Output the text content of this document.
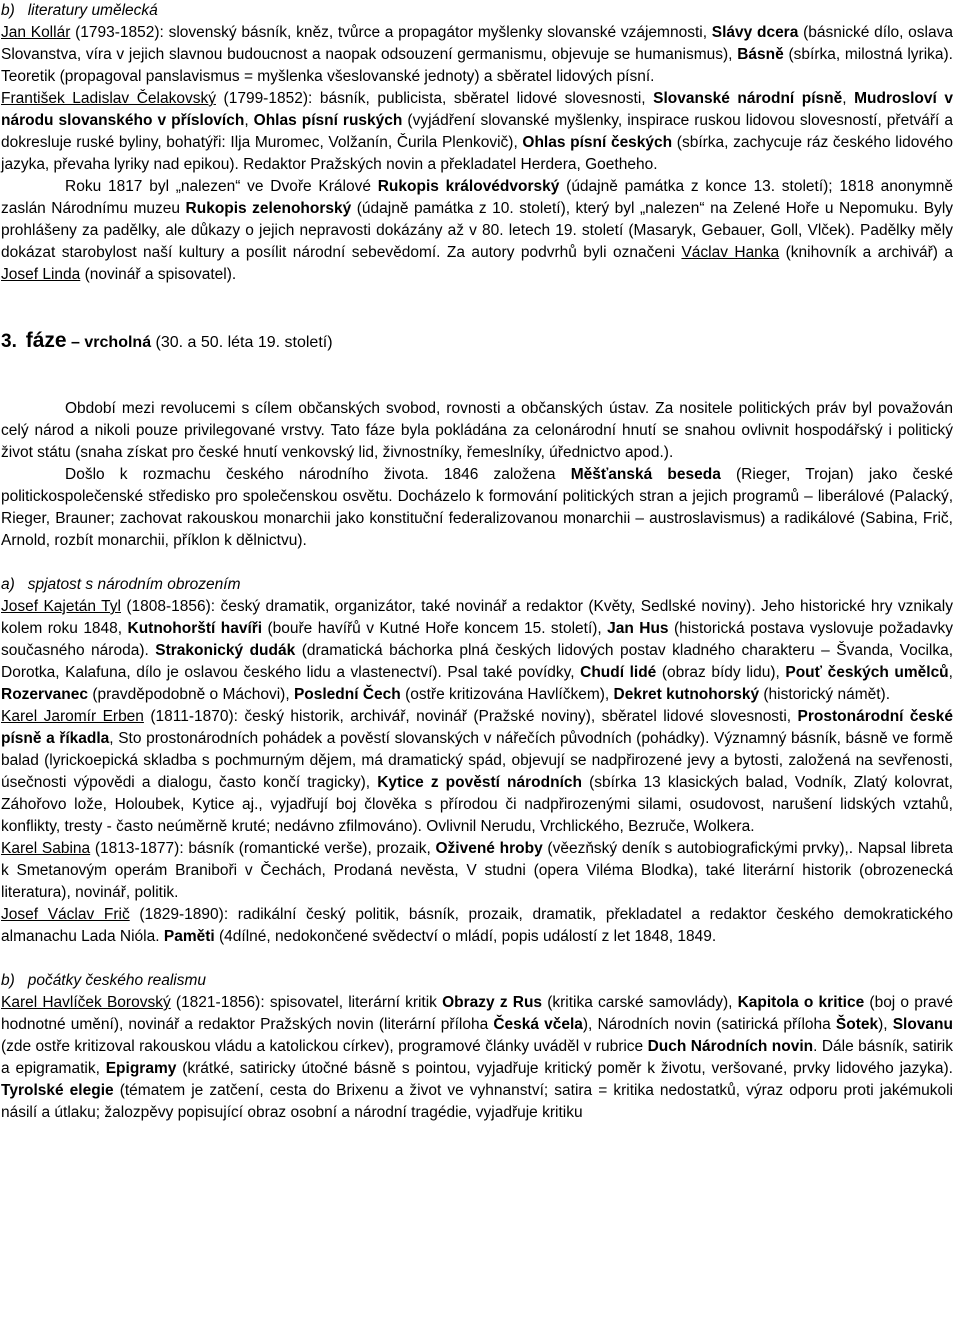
b)   literatury umělecká

Jan Kollár (1793-1852): slovenský básník, kněz, tvůrce a propagátor myšlenky slovanské vzájemnosti, Slávy dcera (básnické dílo, oslava Slovanstva, víra v jejich slavnou budoucnost a naopak odsouzení germanismu, objevuje se humanismus), Básně (sbírka, milostná lyrika). Teoretik (propagoval panslavismus = myšlenka všeslovanské jednoty) a sběratel lidových písní.

František Ladislav Čelakovský (1799-1852): básník, publicista, sběratel lidové slovesnosti, Slovanské národní písně, Mudrosloví v národu slovanského v příslovích, Ohlas písní ruských (vyjádření slovanské myšlenky, inspirace ruskou lidovou slovesností, přetváří a dokresluje ruské byliny, bohatýři: Ilja Muromec, Volžanín, Čurila Plenkovič), Ohlas písní českých (sbírka, zachycuje ráz českého lidového jazyka, převaha lyriky nad epikou). Redaktor Pražských novin a překladatel Herdera, Goetheho.

Roku 1817 byl „nalezen“ ve Dvoře Králové Rukopis královédvorský (údajně památka z konce 13. století); 1818 anonymně zaslán Národnímu muzeu Rukopis zelenohorský (údajně památka z 10. století), který byl „nalezen“ na Zelené Hoře u Nepomuku. Byly prohlášeny za padělky, ale důkazy o jejich nepravosti dokázány až v 80. letech 19. století (Masaryk, Gebauer, Goll, Vlček). Padělky měly dokázat starobylost naší kultury a posílit národní sebevědomí. Za autory podvrhů byli označeni Václav Hanka (knihovník a archivář) a Josef Linda (novinář a spisovatel).

3. fáze – vrcholná (30. a 50. léta 19. století)

Období mezi revolucemi s cílem občanských svobod, rovnosti a občanských ústav. Za nositele politických práv byl považován celý národ a nikoli pouze privilegované vrstvy. Tato fáze byla pokládána za celonárodní hnutí se snahou ovlivnit hospodářský i politický život státu (snaha získat pro české hnutí venkovský lid, živnostníky, řemeslníky, úřednictvo apod.).

Došlo k rozmachu českého národního života. 1846 založena Měšťanská beseda (Rieger, Trojan) jako české politickospolečenské středisko pro společenskou osvětu. Docházelo k formování politických stran a jejich programů – liberálové (Palacký, Rieger, Brauner; zachovat rakouskou monarchii jako konstituční federalizovanou monarchii – austroslavismus) a radikálové (Sabina, Frič, Arnold, rozbít monarchii, příklon k dělnictvu).

a)   spjatost s národním obrozením

Josef Kajetán Tyl (1808-1856): český dramatik, organizátor, také novinář a redaktor (Květy, Sedlské noviny). Jeho historické hry vznikaly kolem roku 1848, Kutnohorští havíři (bouře havířů v Kutné Hoře koncem 15. století), Jan Hus (historická postava vyslovuje požadavky současného národa). Strakonický dudák (dramatická báchorka plná českých lidových postav kladného charakteru – Švanda, Vocilka, Dorotka, Kalafuna, dílo je oslavou českého lidu a vlastenectví). Psal také povídky, Chudí lidé (obraz bídy lidu), Pouť českých umělců, Rozervanec (pravděpodobně o Máchovi), Poslední Čech (ostře kritizována Havlíčkem), Dekret kutnohorský (historický námět).

Karel Jaromír Erben (1811-1870): český historik, archivář, novinář (Pražské noviny), sběratel lidové slovesnosti, Prostonárodní české písně a říkadla, Sto prostonárodních pohádek a pověstí slovanských v nářečích původních (pohádky). Významný básník, básně ve formě balad (lyrickoepická skladba s pochmurným dějem, má dramatický spád, objevují se nadpřirozené jevy a bytosti, založená na sevřenosti, úsečnosti výpovědi a dialogu, často končí tragicky), Kytice z pověstí národních (sbírka 13 klasických balad, Vodník, Zlatý kolovrat, Záhořovo lože, Holoubek, Kytice aj., vyjadřují boj člověka s přírodou či nadpřirozenými silami, osudovost, narušení lidských vztahů, konflikty, tresty - často neúměrně kruté; nedávno zfilmováno). Ovlivnil Nerudu, Vrchlického, Bezruče, Wolkera.

Karel Sabina (1813-1877): básník (romantické verše), prozaik, Oživené hroby (věezňský deník s autobiografickými prvky),. Napsal libreta k Smetanovým operám Braniboři v Čechách, Prodaná nevěsta, V studni (opera Viléma Blodka), také literární historik (obrozenecká literatura), novinář, politik.

Josef Václav Frič (1829-1890): radikální český politik, básník, prozaik, dramatik, překladatel a redaktor českého demokratického almanachu Lada Nióla. Paměti (4dílné, nedokončené svědectví o mládí, popis událostí z let 1848, 1849.

b)   počátky českého realismu

Karel Havlíček Borovský (1821-1856): spisovatel, literární kritik Obrazy z Rus (kritika carské samovlády), Kapitola o kritice (boj o pravé hodnotné umění), novinář a redaktor Pražských novin (literární příloha Česká včela), Národních novin (satirická příloha Šotek), Slovanu (zde ostře kritizoval rakouskou vládu a katolickou církev), programové články uváděl v rubrice Duch Národních novin. Dále básník, satirik a epigramatik, Epigramy (krátké, satiricky útočné básně s pointou, vyjadřuje kritický poměr k životu, veršované, prvky lidového jazyka). Tyrolské elegie (tématem je zatčení, cesta do Brixenu a život ve vyhnanství; satira = kritika nedostatků, výraz odporu proti jakémukoli násilí a útlaku; žalozpěvy popisující obraz osobní a národní tragédie, vyjadřuje kritiku
